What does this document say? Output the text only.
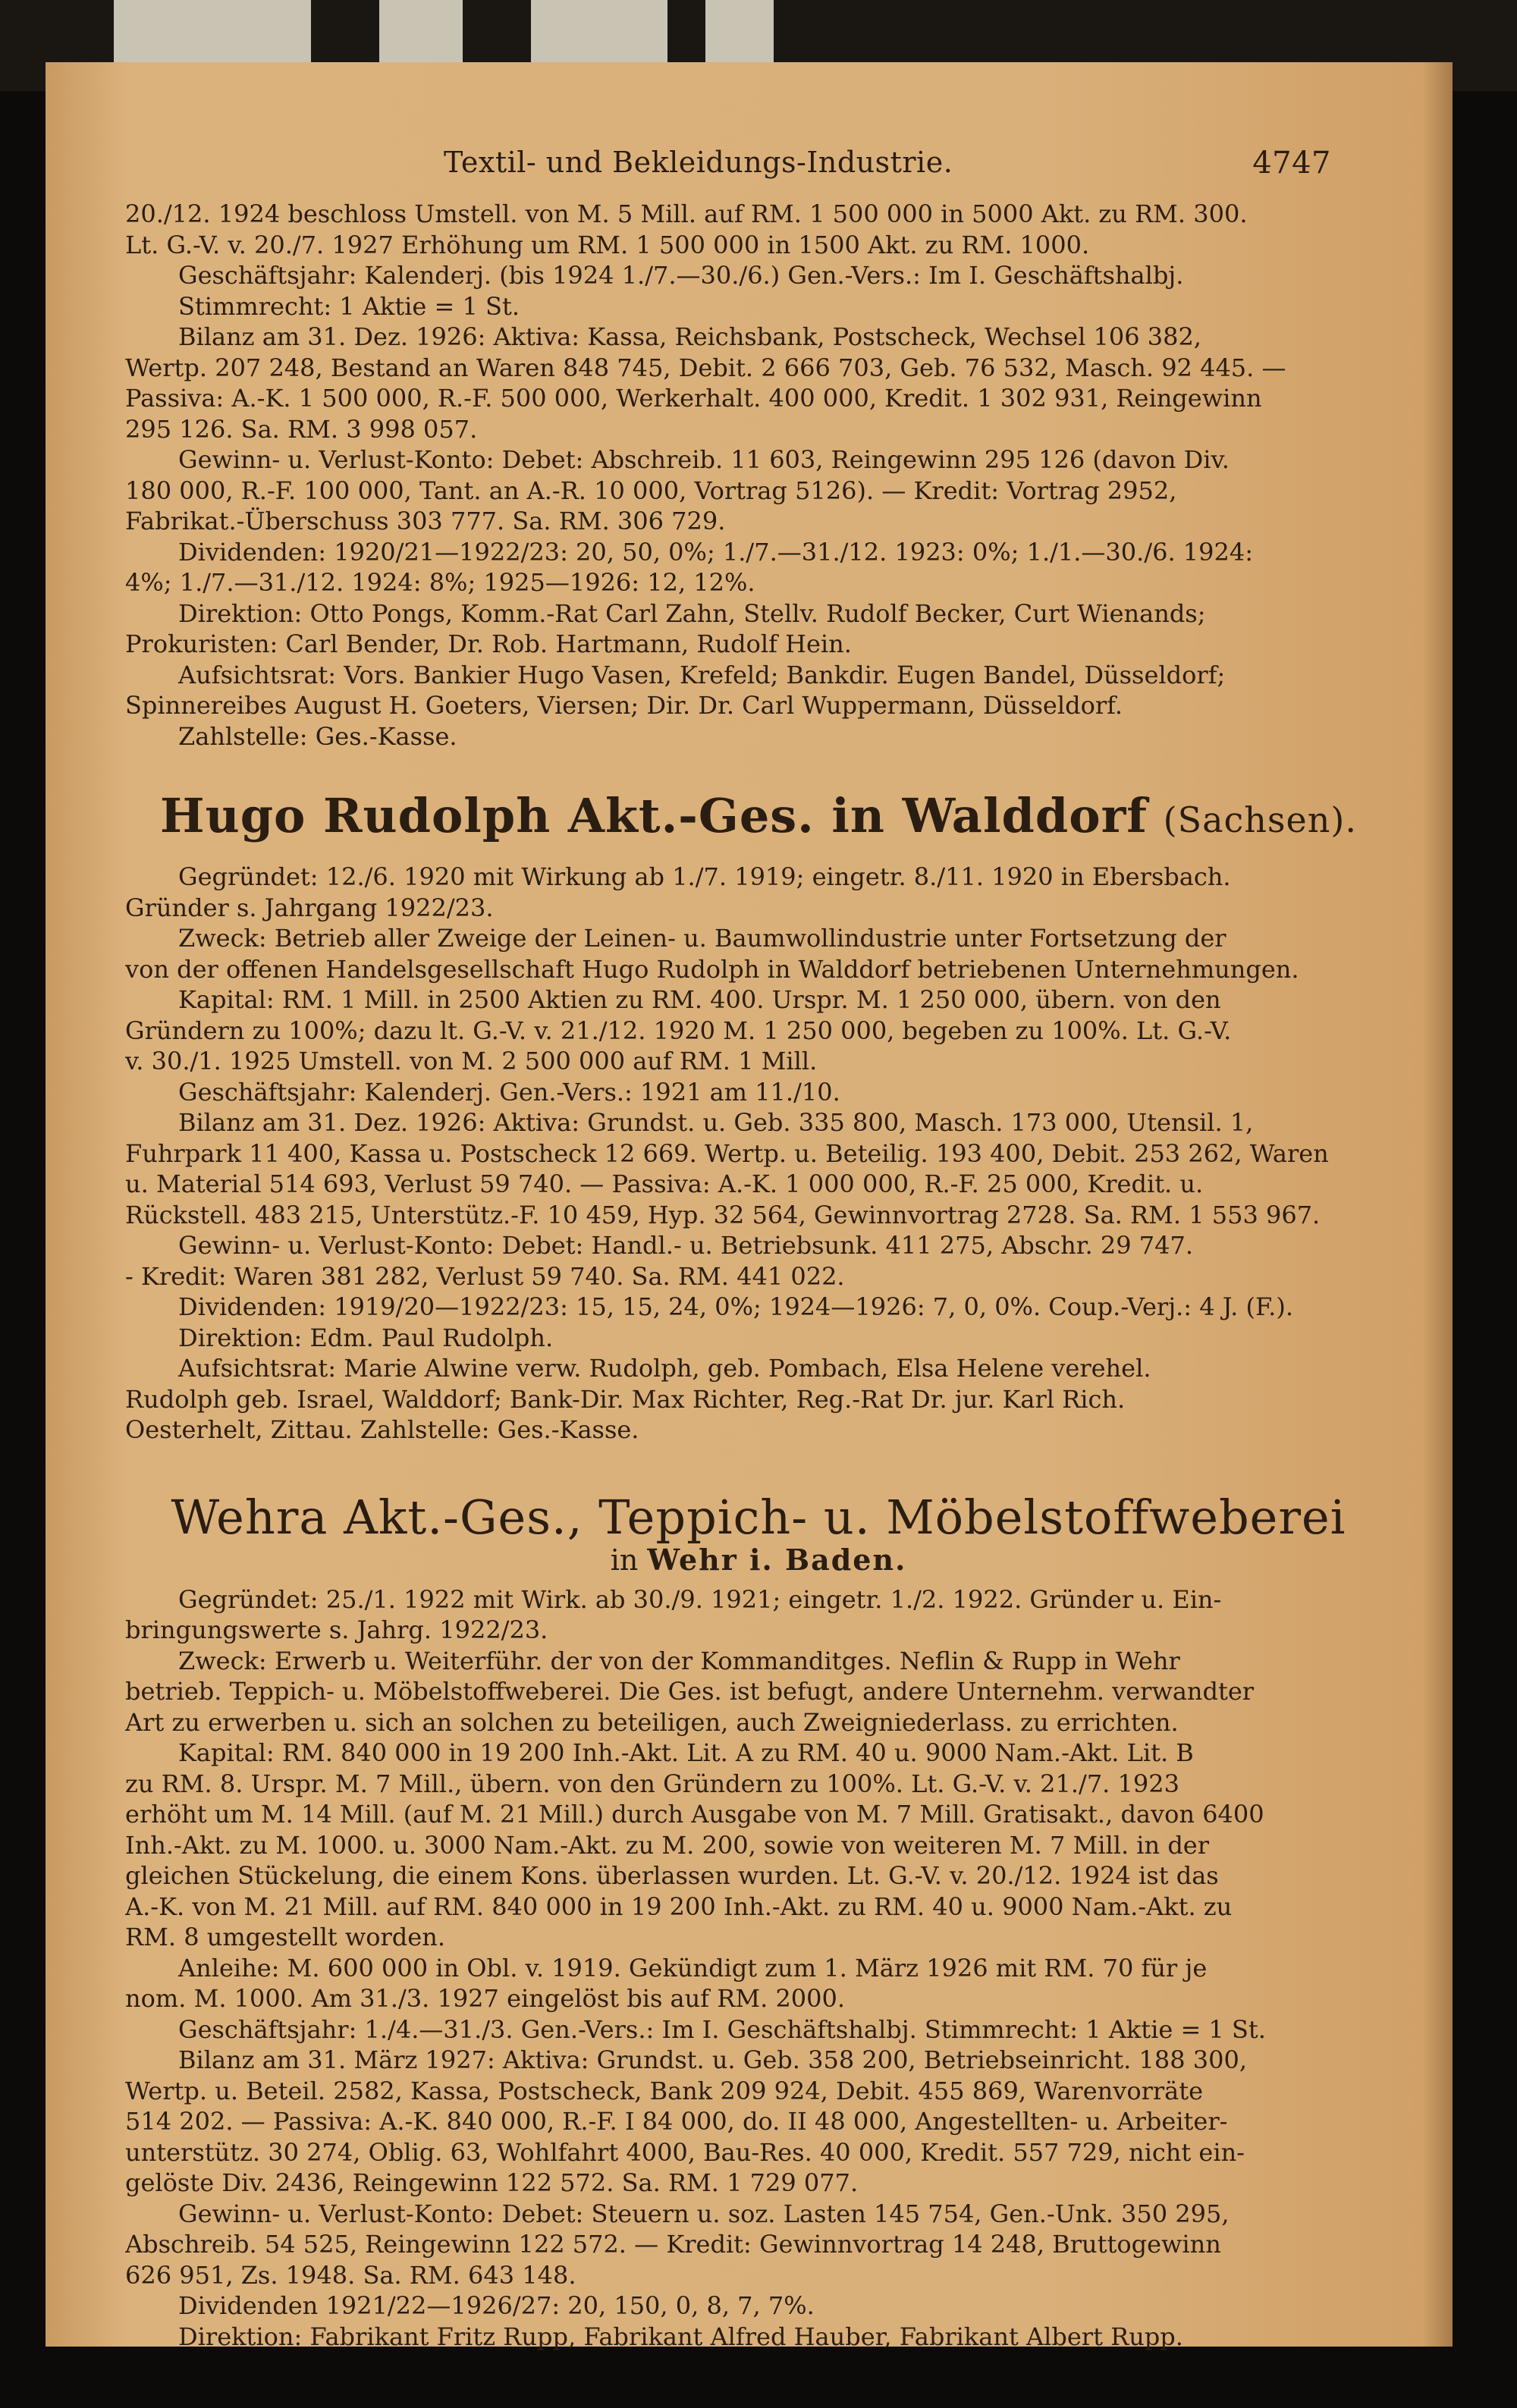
Textil- und Bekleidungs-Industrie.	4747

20./12. 1924 beschloss Umstell. von M. 5 Mill. auf RM. 1 500 000 in 5000 Akt. zu RM. 300.

Lt. G.-V. v. 20./7. 1927 Erhöhung um RM. 1 500 000 in 1500 Akt. zu RM. 1000.

Geschäftsjahr: Kalenderj. (bis 1924 1./7.—30./6.) Gen.-Vers.: Im I. Geschäftshalbj.

Stimmrecht: 1 Aktie = 1 St.

Bilanz am 31. Dez. 1926: Aktiva: Kassa, Reichsbank, Postscheck, Wechsel 106 382,

Wertp. 207 248, Bestand an Waren 848 745, Debit. 2 666 703, Geb. 76 532, Masch. 92 445. —

Passiva: A.-K. 1 500 000, R.-F. 500 000, Werkerhalt. 400 000, Kredit. 1 302 931, Reingewinn

295 126. Sa. RM. 3 998 057.

Gewinn- u. Verlust-Konto: Debet: Abschreib. 11 603, Reingewinn 295 126 (davon Div.

180 000, R.-F. 100 000, Tant. an A.-R. 10 000, Vortrag 5126). — Kredit: Vortrag 2952,

Fabrikat.-Überschuss 303 777. Sa. RM. 306 729.

Dividenden: 1920/21—1922/23: 20, 50, 0%; 1./7.—31./12. 1923: 0%; 1./1.—30./6. 1924:

4%; 1./7.—31./12. 1924: 8%; 1925—1926: 12, 12%.

Direktion: Otto Pongs, Komm.-Rat Carl Zahn, Stellv. Rudolf Becker, Curt Wienands;

Prokuristen: Carl Bender, Dr. Rob. Hartmann, Rudolf Hein.

Aufsichtsrat: Vors. Bankier Hugo Vasen, Krefeld; Bankdir. Eugen Bandel, Düsseldorf;

Spinnereibes August H. Goeters, Viersen; Dir. Dr. Carl Wuppermann, Düsseldorf.

Zahlstelle: Ges.-Kasse.

Hugo Rudolph Akt.-Ges. in Walddorf (Sachsen).

Gegründet: 12./6. 1920 mit Wirkung ab 1./7. 1919; eingetr. 8./11. 1920 in Ebersbach.

Gründer s. Jahrgang 1922/23.

Zweck: Betrieb aller Zweige der Leinen- u. Baumwollindustrie unter Fortsetzung der

von der offenen Handelsgesellschaft Hugo Rudolph in Walddorf betriebenen Unternehmungen.

Kapital: RM. 1 Mill. in 2500 Aktien zu RM. 400. Urspr. M. 1 250 000, übern. von den

Gründern zu 100%; dazu lt. G.-V. v. 21./12. 1920 M. 1 250 000, begeben zu 100%. Lt. G.-V.

v. 30./1. 1925 Umstell. von M. 2 500 000 auf RM. 1 Mill.

Geschäftsjahr: Kalenderj. Gen.-Vers.: 1921 am 11./10.

Bilanz am 31. Dez. 1926: Aktiva: Grundst. u. Geb. 335 800, Masch. 173 000, Utensil. 1,

Fuhrpark 11 400, Kassa u. Postscheck 12 669. Wertp. u. Beteilig. 193 400, Debit. 253 262, Waren

u. Material 514 693, Verlust 59 740. — Passiva: A.-K. 1 000 000, R.-F. 25 000, Kredit. u.

Rückstell. 483 215, Unterstütz.-F. 10 459, Hyp. 32 564, Gewinnvortrag 2728. Sa. RM. 1 553 967.

Gewinn- u. Verlust-Konto: Debet: Handl.- u. Betriebsunk. 411 275, Abschr. 29 747.

- Kredit: Waren 381 282, Verlust 59 740. Sa. RM. 441 022.

Dividenden: 1919/20—1922/23: 15, 15, 24, 0%; 1924—1926: 7, 0, 0%. Coup.-Verj.: 4 J. (F.).

Direktion: Edm. Paul Rudolph.

Aufsichtsrat: Marie Alwine verw. Rudolph, geb. Pombach, Elsa Helene verehel.

Rudolph geb. Israel, Walddorf; Bank-Dir. Max Richter, Reg.-Rat Dr. jur. Karl Rich.

Oesterhelt, Zittau. Zahlstelle: Ges.-Kasse.

Wehra Akt.-Ges., Teppich- u. Möbelstoffweberei
in Wehr i. Baden.

Gegründet: 25./1. 1922 mit Wirk. ab 30./9. 1921; eingetr. 1./2. 1922. Gründer u. Ein-

bringungswerte s. Jahrg. 1922/23.

Zweck: Erwerb u. Weiterführ. der von der Kommanditges. Neflin & Rupp in Wehr

betrieb. Teppich- u. Möbelstoffweberei. Die Ges. ist befugt, andere Unternehm. verwandter

Art zu erwerben u. sich an solchen zu beteiligen, auch Zweigniederlass. zu errichten.

Kapital: RM. 840 000 in 19 200 Inh.-Akt. Lit. A zu RM. 40 u. 9000 Nam.-Akt. Lit. B

zu RM. 8. Urspr. M. 7 Mill., übern. von den Gründern zu 100%. Lt. G.-V. v. 21./7. 1923

erhöht um M. 14 Mill. (auf M. 21 Mill.) durch Ausgabe von M. 7 Mill. Gratisakt., davon 6400

Inh.-Akt. zu M. 1000. u. 3000 Nam.-Akt. zu M. 200, sowie von weiteren M. 7 Mill. in der

gleichen Stückelung, die einem Kons. überlassen wurden. Lt. G.-V. v. 20./12. 1924 ist das

A.-K. von M. 21 Mill. auf RM. 840 000 in 19 200 Inh.-Akt. zu RM. 40 u. 9000 Nam.-Akt. zu

RM. 8 umgestellt worden.

Anleihe: M. 600 000 in Obl. v. 1919. Gekündigt zum 1. März 1926 mit RM. 70 für je

nom. M. 1000. Am 31./3. 1927 eingelöst bis auf RM. 2000.

Geschäftsjahr: 1./4.—31./3. Gen.-Vers.: Im I. Geschäftshalbj. Stimmrecht: 1 Aktie = 1 St.

Bilanz am 31. März 1927: Aktiva: Grundst. u. Geb. 358 200, Betriebseinricht. 188 300,

Wertp. u. Beteil. 2582, Kassa, Postscheck, Bank 209 924, Debit. 455 869, Warenvorräte

514 202. — Passiva: A.-K. 840 000, R.-F. I 84 000, do. II 48 000, Angestellten- u. Arbeiter-

unterstütz. 30 274, Oblig. 63, Wohlfahrt 4000, Bau-Res. 40 000, Kredit. 557 729, nicht ein-

gelöste Div. 2436, Reingewinn 122 572. Sa. RM. 1 729 077.

Gewinn- u. Verlust-Konto: Debet: Steuern u. soz. Lasten 145 754, Gen.-Unk. 350 295,

Abschreib. 54 525, Reingewinn 122 572. — Kredit: Gewinnvortrag 14 248, Bruttogewinn

626 951, Zs. 1948. Sa. RM. 643 148.

Dividenden 1921/22—1926/27: 20, 150, 0, 8, 7, 7%.

Direktion: Fabrikant Fritz Rupp, Fabrikant Alfred Hauber, Fabrikant Albert Rupp.
